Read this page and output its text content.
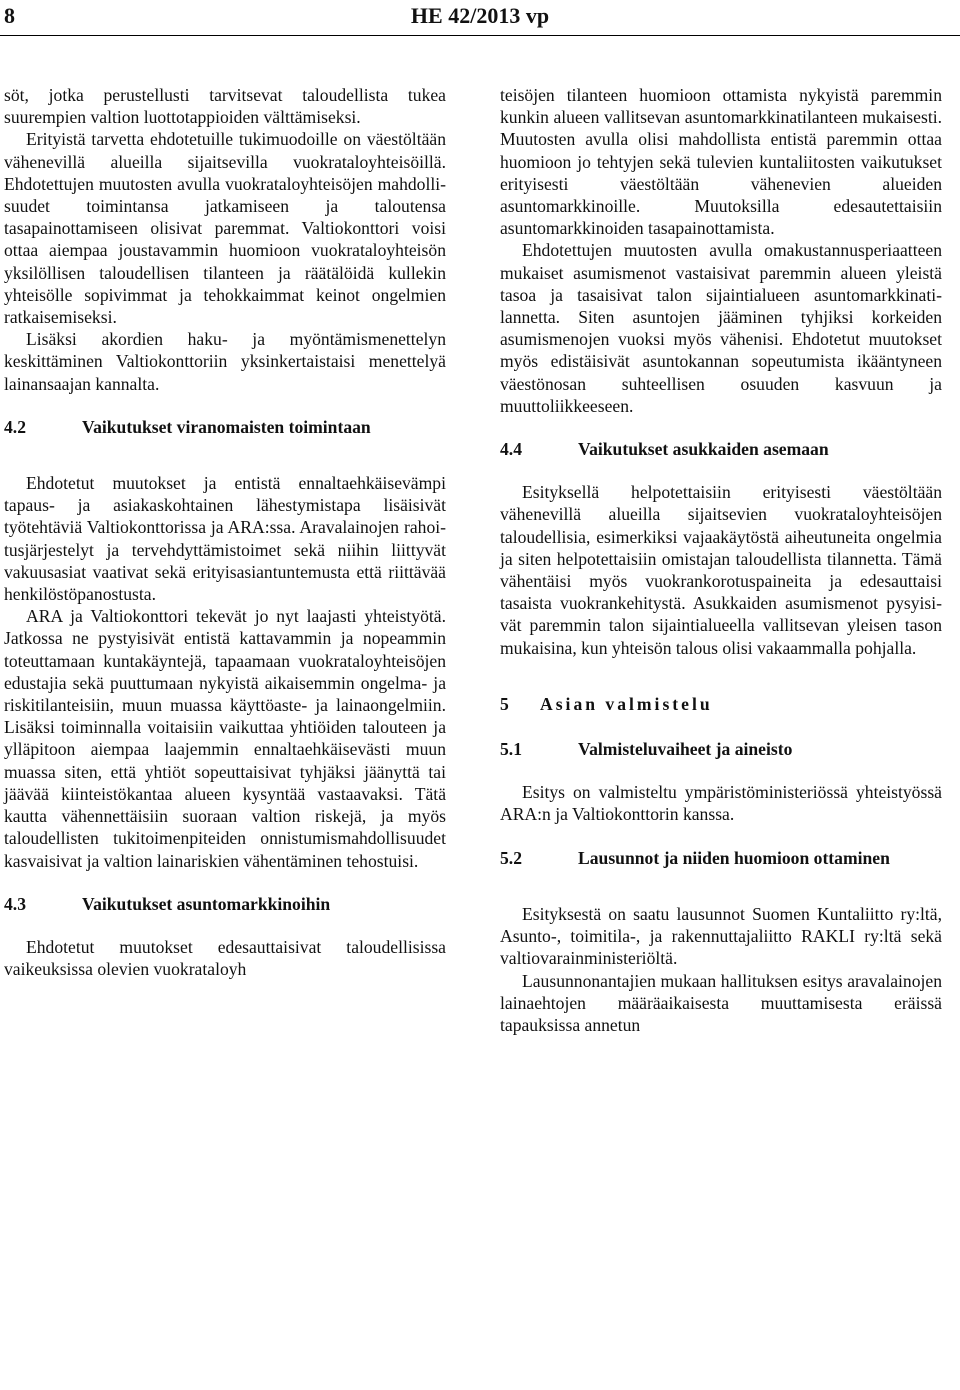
8	HE 42/2013 vp

söt, jotka perustellusti tarvitsevat taloudellista tukea suurempien valtion luottotappioiden välttämiseksi.

Erityistä tarvetta ehdotetuille tukimuodoille on väestöltään vähenevillä alueilla sijaitsevilla vuokrataloyhteisöillä. Ehdotettujen muutosten avulla vuokrataloyhteisöjen mahdollisuudet toimintansa jatkamiseen ja taloutensa tasapainottamiseen olisivat paremmat. Valtiokonttori voisi ottaa aiempaa joustavammin huomioon vuokrataloyhteisön yksilöllisen taloudellisen tilanteen ja räätälöidä kullekin yhteisölle sopivimmat ja tehokkaimmat keinot ongelmien ratkaisemiseksi.

Lisäksi akordien haku- ja myöntämismenettelyn keskittäminen Valtiokonttoriin yksinkertaistaisi menettelyä lainansaajan kannalta.

4.2	Vaikutukset viranomaisten toimintaan

Ehdotetut muutokset ja entistä ennaltaehkäisevämpi tapaus- ja asiakaskohtainen lähestymistapa lisäisivät työtehtäviä Valtiokonttorissa ja ARA:ssa. Aravalainojen rahoitusjärjestelyt ja tervehdyttämistoimet sekä niihin liittyvät vakuusasiat vaativat sekä erityisasiantuntemusta että riittävää henkilöstöpanostusta.

ARA ja Valtiokonttori tekevät jo nyt laajasti yhteistyötä. Jatkossa ne pystyisivät entistä kattavammin ja nopeammin toteuttamaan kuntakäyntejä, tapaamaan vuokrataloyhteisöjen edustajia sekä puuttumaan nykyistä aikaisemmin ongelma- ja riskitilanteisiin, muun muassa käyttöaste- ja lainaongelmiin. Lisäksi toiminnalla voitaisiin vaikuttaa yhtiöiden talouteen ja ylläpitoon aiempaa laajemmin ennaltaehkäisevästi muun muassa siten, että yhtiöt sopeuttaisivat tyhjäksi jäänyttä tai jäävää kiinteistökantaa alueen kysyntää vastaavaksi. Tätä kautta vähennettäisiin suoraan valtion riskejä, ja myös taloudellisten tukitoimenpiteiden onnistumismahdollisuudet kasvaisivat ja valtion lainariskien vähentäminen tehostuisi.

4.3	Vaikutukset asuntomarkkinoihin

Ehdotetut muutokset edesauttaisivat taloudellisissa vaikeuksissa olevien vuokrataloyh

teisöjen tilanteen huomioon ottamista nykyistä paremmin kunkin alueen vallitsevan asuntomarkkinatilanteen mukaisesti. Muutosten avulla olisi mahdollista entistä paremmin ottaa huomioon jo tehtyjen sekä tulevien kuntaliitosten vaikutukset erityisesti väestöltään vähenevien alueiden asuntomarkkinoille. Muutoksilla edesautettaisiin asuntomarkkinoiden tasapainottamista.

Ehdotettujen muutosten avulla omakustannusperiaatteen mukaiset asumismenot vastaisivat paremmin alueen yleistä tasoa ja tasaisivat talon sijaintialueen asuntomarkkinatilannetta. Siten asuntojen jääminen tyhjiksi korkeiden asumismenojen vuoksi myös vähenisi. Ehdotetut muutokset myös edistäisivät asuntokannan sopeutumista ikääntyneen väestönosan suhteellisen osuuden kasvuun ja muuttoliikkeeseen.

4.4	Vaikutukset asukkaiden asemaan

Esityksellä helpotettaisiin erityisesti väestöltään vähenevillä alueilla sijaitsevien vuokrataloyhteisöjen taloudellisia, esimerkiksi vajaakäytöstä aiheutuneita ongelmia ja siten helpotettaisiin omistajan taloudellista tilannetta. Tämä vähentäisi myös vuokrankorotuspaineita ja edesauttaisi tasaista vuokrankehitystä. Asukkaiden asumismenot pysyisivät paremmin talon sijaintialueella vallitsevan yleisen tason mukaisina, kun yhteisön talous olisi vakaammalla pohjalla.

5	Asian valmistelu
5.1	Valmisteluvaiheet ja aineisto

Esitys on valmisteltu ympäristöministeriössä yhteistyössä ARA:n ja Valtiokonttorin kanssa.

5.2	Lausunnot ja niiden huomioon ottaminen

Esityksestä on saatu lausunnot Suomen Kuntaliitto ry:ltä, Asunto-, toimitila-, ja rakennuttajaliitto RAKLI ry:ltä sekä valtiovarainministeriöltä.

Lausunnonantajien mukaan hallituksen esitys aravalainojen lainaehtojen määräaikaisesta muuttamisesta eräissä tapauksissa annetun
